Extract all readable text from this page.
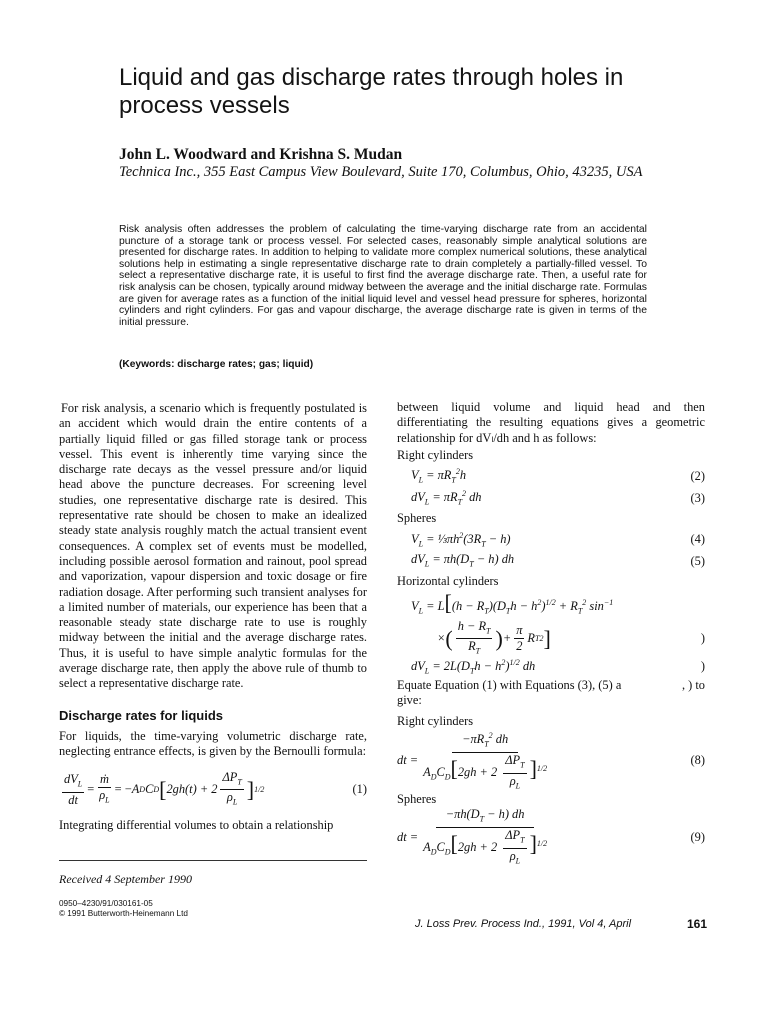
Liquid and gas discharge rates through holes in process vessels
John L. Woodward and Krishna S. Mudan
Technica Inc., 355 East Campus View Boulevard, Suite 170, Columbus, Ohio, 43235, USA

Risk analysis often addresses the problem of calculating the time-varying discharge rate from an accidental puncture of a storage tank or process vessel. For selected cases, reasonably simple analytical solutions are presented for discharge rates. In addition to helping to validate more complex numerical solutions, these analytical solutions help in estimating a single representative discharge rate to drain completely a partially-filled vessel. To select a representative discharge rate, it is useful to first find the average discharge rate. Then, a useful rate for risk analysis can be chosen, typically around midway between the average and the initial discharge rate. Formulas are given for average rates as a function of the initial liquid level and vessel head pressure for spheres, horizontal cylinders and right cylinders. For gas and vapour discharge, the average discharge rate is given in terms of the initial pressure.

(Keywords: discharge rates; gas; liquid)

For risk analysis, a scenario which is frequently postulated is an accident which would drain the entire contents of a partially liquid filled or gas filled storage tank or process vessel. This event is inherently time varying since the discharge rate decays as the vessel pressure and/or liquid head above the puncture decreases. For screening level studies, one representative discharge rate is desired. This representative rate should be chosen to make an idealized steady state analysis roughly match the actual transient event consequences. A complex set of events must be modelled, including possible aerosol formation and rainout, pool spread and vaporization, vapour dispersion and toxic dosage or fire radiation dosage. After performing such transient analyses for a limited number of materials, our experience has been that a reasonable steady state discharge rate to use is roughly midway between the initial and the average discharge rates. Thus, it is useful to have simple analytic formulas for the average discharge rate, then apply the above rule of thumb to select a representative discharge rate.

Discharge rates for liquids

For liquids, the time-varying volumetric discharge rate, neglecting entrance effects, is given by the Bernoulli formula:

$\frac{dV_L}{dt} = \frac{\text{ṁ}}{\rho_L}$ = − A D C D [ $2gh(t) + 2 \frac{\Delta P_T}{\rho_L}$ ] 1/2	(1)

Integrating differential volumes to obtain a relationship

between liquid volume and liquid head and then differentiating the resulting equations gives a geometric relationship for dVₗ/dh and h as follows:

Right cylinders
$V_L = \pi R_T^2h$	(2)
$dV_L = \pi R_T^2$ dh	(3)
Spheres
$V_L$ = $\frac{1}{3}\pi h^2(3R_T - h)$	(4)
$dV_L = \pi h(D_T - h)$ dh	(5)
Horizontal cylinders
$V_L = L[(h - R_T)(D_Th - h^2)^{1/2} + R_T^2$ $\sin^{-1}$
× ( $\frac{h - R_T}{R_T}$ ) + $\frac{\pi}{2}$ R T 2 ]	)
$dV_L = 2L(D_Th - h^2)^{1/2}$ dh	)
Equate Equation (1) with Equations (3), (5) a	, ) to
give:
Right cylinders
dt = $\frac{-\pi R_T^2 dh}{A_DC_D[2gh + 2 \frac{\Delta P_T}{\rho_L} ]^{1/2}}$	(8)
Spheres
dt = $\frac{-\pi h(D_T - h) dh}{A_DC_D[2gh + 2 \frac{\Delta P_T}{\rho_L} ]^{1/2}}$	(9)
Received 4 September 1990
0950–4230/91/030161-05
© 1991 Butterworth-Heinemann Ltd
J. Loss Prev. Process Ind., 1991, Vol 4, April	161
